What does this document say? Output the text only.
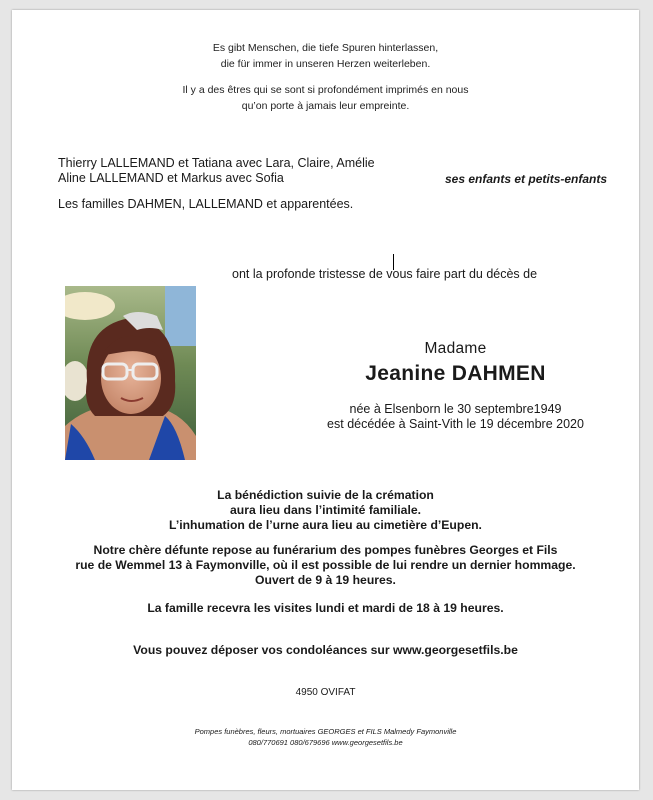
Es gibt Menschen, die tiefe Spuren hinterlassen,
die für immer in unseren Herzen weiterleben.
Il y a des êtres qui se sont si profondément imprimés en nous
qu’on porte à jamais leur empreinte.
Thierry LALLEMAND et Tatiana avec Lara, Claire, Amélie
Aline LALLEMAND et Markus avec Sofia	ses enfants et petits-enfants
Les familles DAHMEN, LALLEMAND et apparentées.
ont la profonde tristesse de vous faire part du décès de
Madame
Jeanine DAHMEN
née à Elsenborn le 30 septembre1949
est décédée à Saint-Vith le 19 décembre 2020
La bénédiction suivie de la crémation
aura lieu dans l’intimité familiale.
L’inhumation de l’urne aura lieu au cimetière d’Eupen.
Notre chère défunte repose au funérarium des pompes funèbres Georges et Fils
rue de Wemmel 13 à Faymonville, où il est possible de lui rendre un dernier hommage.
Ouvert de 9 à 19 heures.
La famille recevra les visites lundi et mardi de 18 à 19 heures.
Vous pouvez déposer vos condoléances sur www.georgesetfils.be
4950 OVIFAT
Pompes funèbres, fleurs, mortuaires GEORGES et FILS Malmedy Faymonville
080/770691 080/679696 www.georgesetfils.be
